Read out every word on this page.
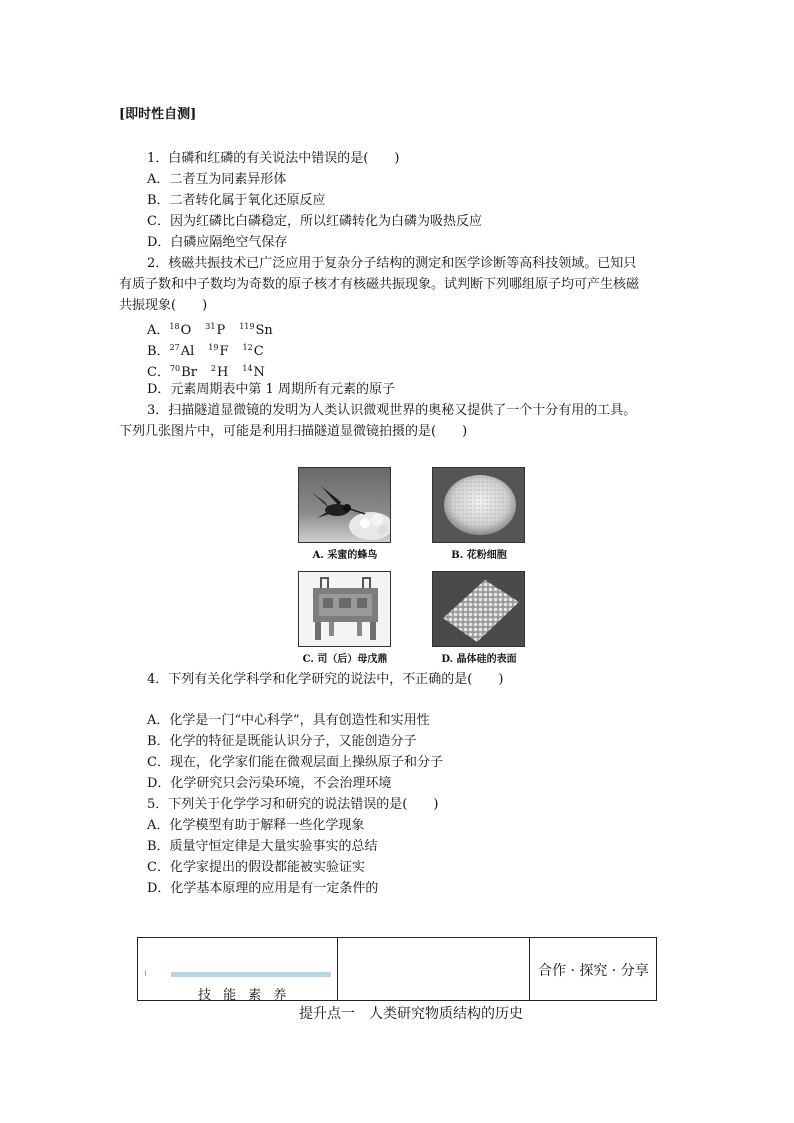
[即时性自测]
1．白磷和红磷的有关说法中错误的是(　　)
A．二者互为同素异形体
B．二者转化属于氧化还原反应
C．因为红磷比白磷稳定，所以红磷转化为白磷为吸热反应
D．白磷应隔绝空气保存
2．核磁共振技术已广泛应用于复杂分子结构的测定和医学诊断等高科技领域。已知只
有质子数和中子数均为奇数的原子核才有核磁共振现象。试判断下列哪组原子均可产生核磁
共振现象(　　)
A．$^{18}$O $^{31}$P $^{119}$Sn
B．$^{27}$Al $^{19}$F $^{12}$C
C．$^{70}$Br $^2$H $^{14}$N
D．元素周期表中第 1 周期所有元素的原子
3．扫描隧道显微镜的发明为人类认识微观世界的奥秘又提供了一个十分有用的工具。
下列几张图片中，可能是利用扫描隧道显微镜拍摄的是(　　)
A. 采蜜的蜂鸟	B. 花粉细胞
C. 司（后）母戊鼎	D. 晶体硅的表面
4．下列有关化学科学和化学研究的说法中，不正确的是(　　)
A．化学是一门“中心科学”，具有创造性和实用性
B．化学的特征是既能认识分子，又能创造分子
C．现在，化学家们能在微观层面上操纵原子和分子
D．化学研究只会污染环境，不会治理环境
5．下列关于化学学习和研究的说法错误的是(　　)
A．化学模型有助于解释一些化学现象
B．质量守恒定律是大量实验事实的总结
C．化学家提出的假设都能被实验证实
D．化学基本原理的应用是有一定条件的
技 能 素 养
合作 · 探究 · 分享
提升点一　人类研究物质结构的历史
